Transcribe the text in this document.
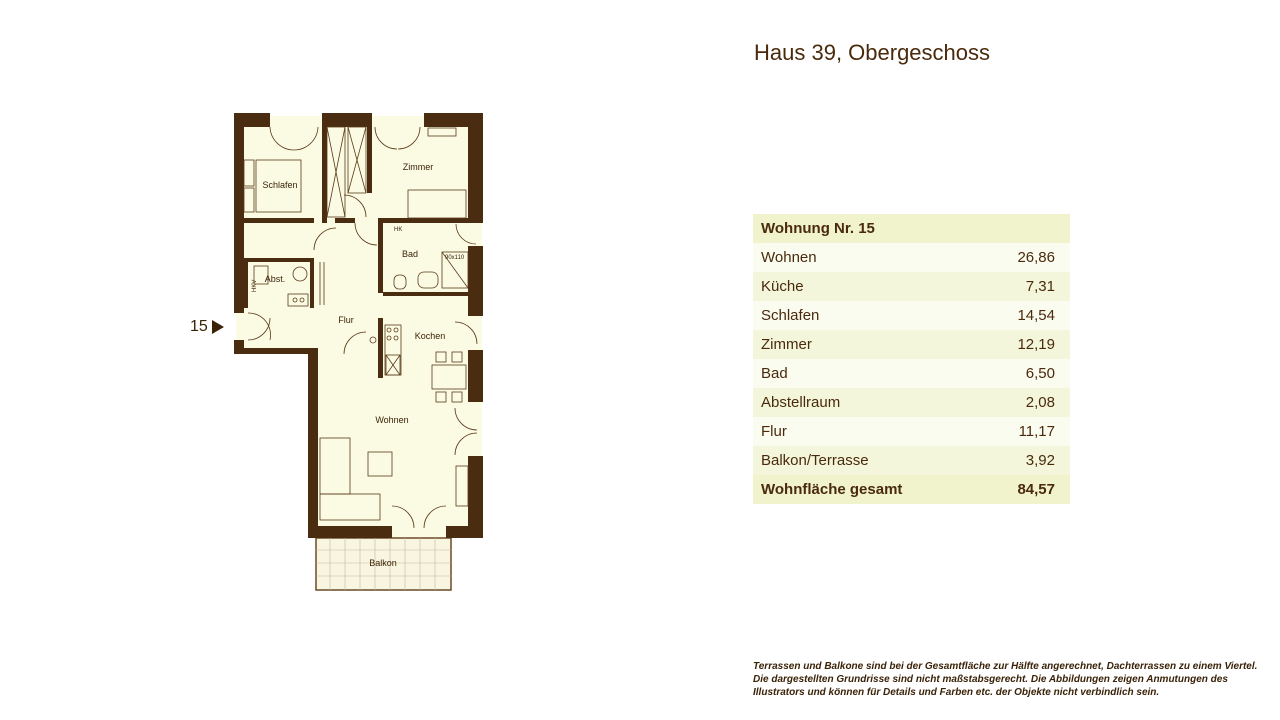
Haus 39, Obergeschoss
15
Schlafen
Zimmer
Bad
Abst.
Flur
Kochen
Wohnen
Balkon
HK
HKV
90x110
Wohnung Nr. 15	
Wohnen	26,86
Küche	7,31
Schlafen	14,54
Zimmer	12,19
Bad	6,50
Abstellraum	2,08
Flur	11,17
Balkon/Terrasse	3,92
Wohnfläche gesamt	84,57
Terrassen und Balkone sind bei der Gesamtfläche zur Hälfte angerechnet, Dachterrassen zu einem Viertel.
Die dargestellten Grundrisse sind nicht maßstabsgerecht. Die Abbildungen zeigen Anmutungen des
Illustrators und können für Details und Farben etc. der Objekte nicht verbindlich sein.
